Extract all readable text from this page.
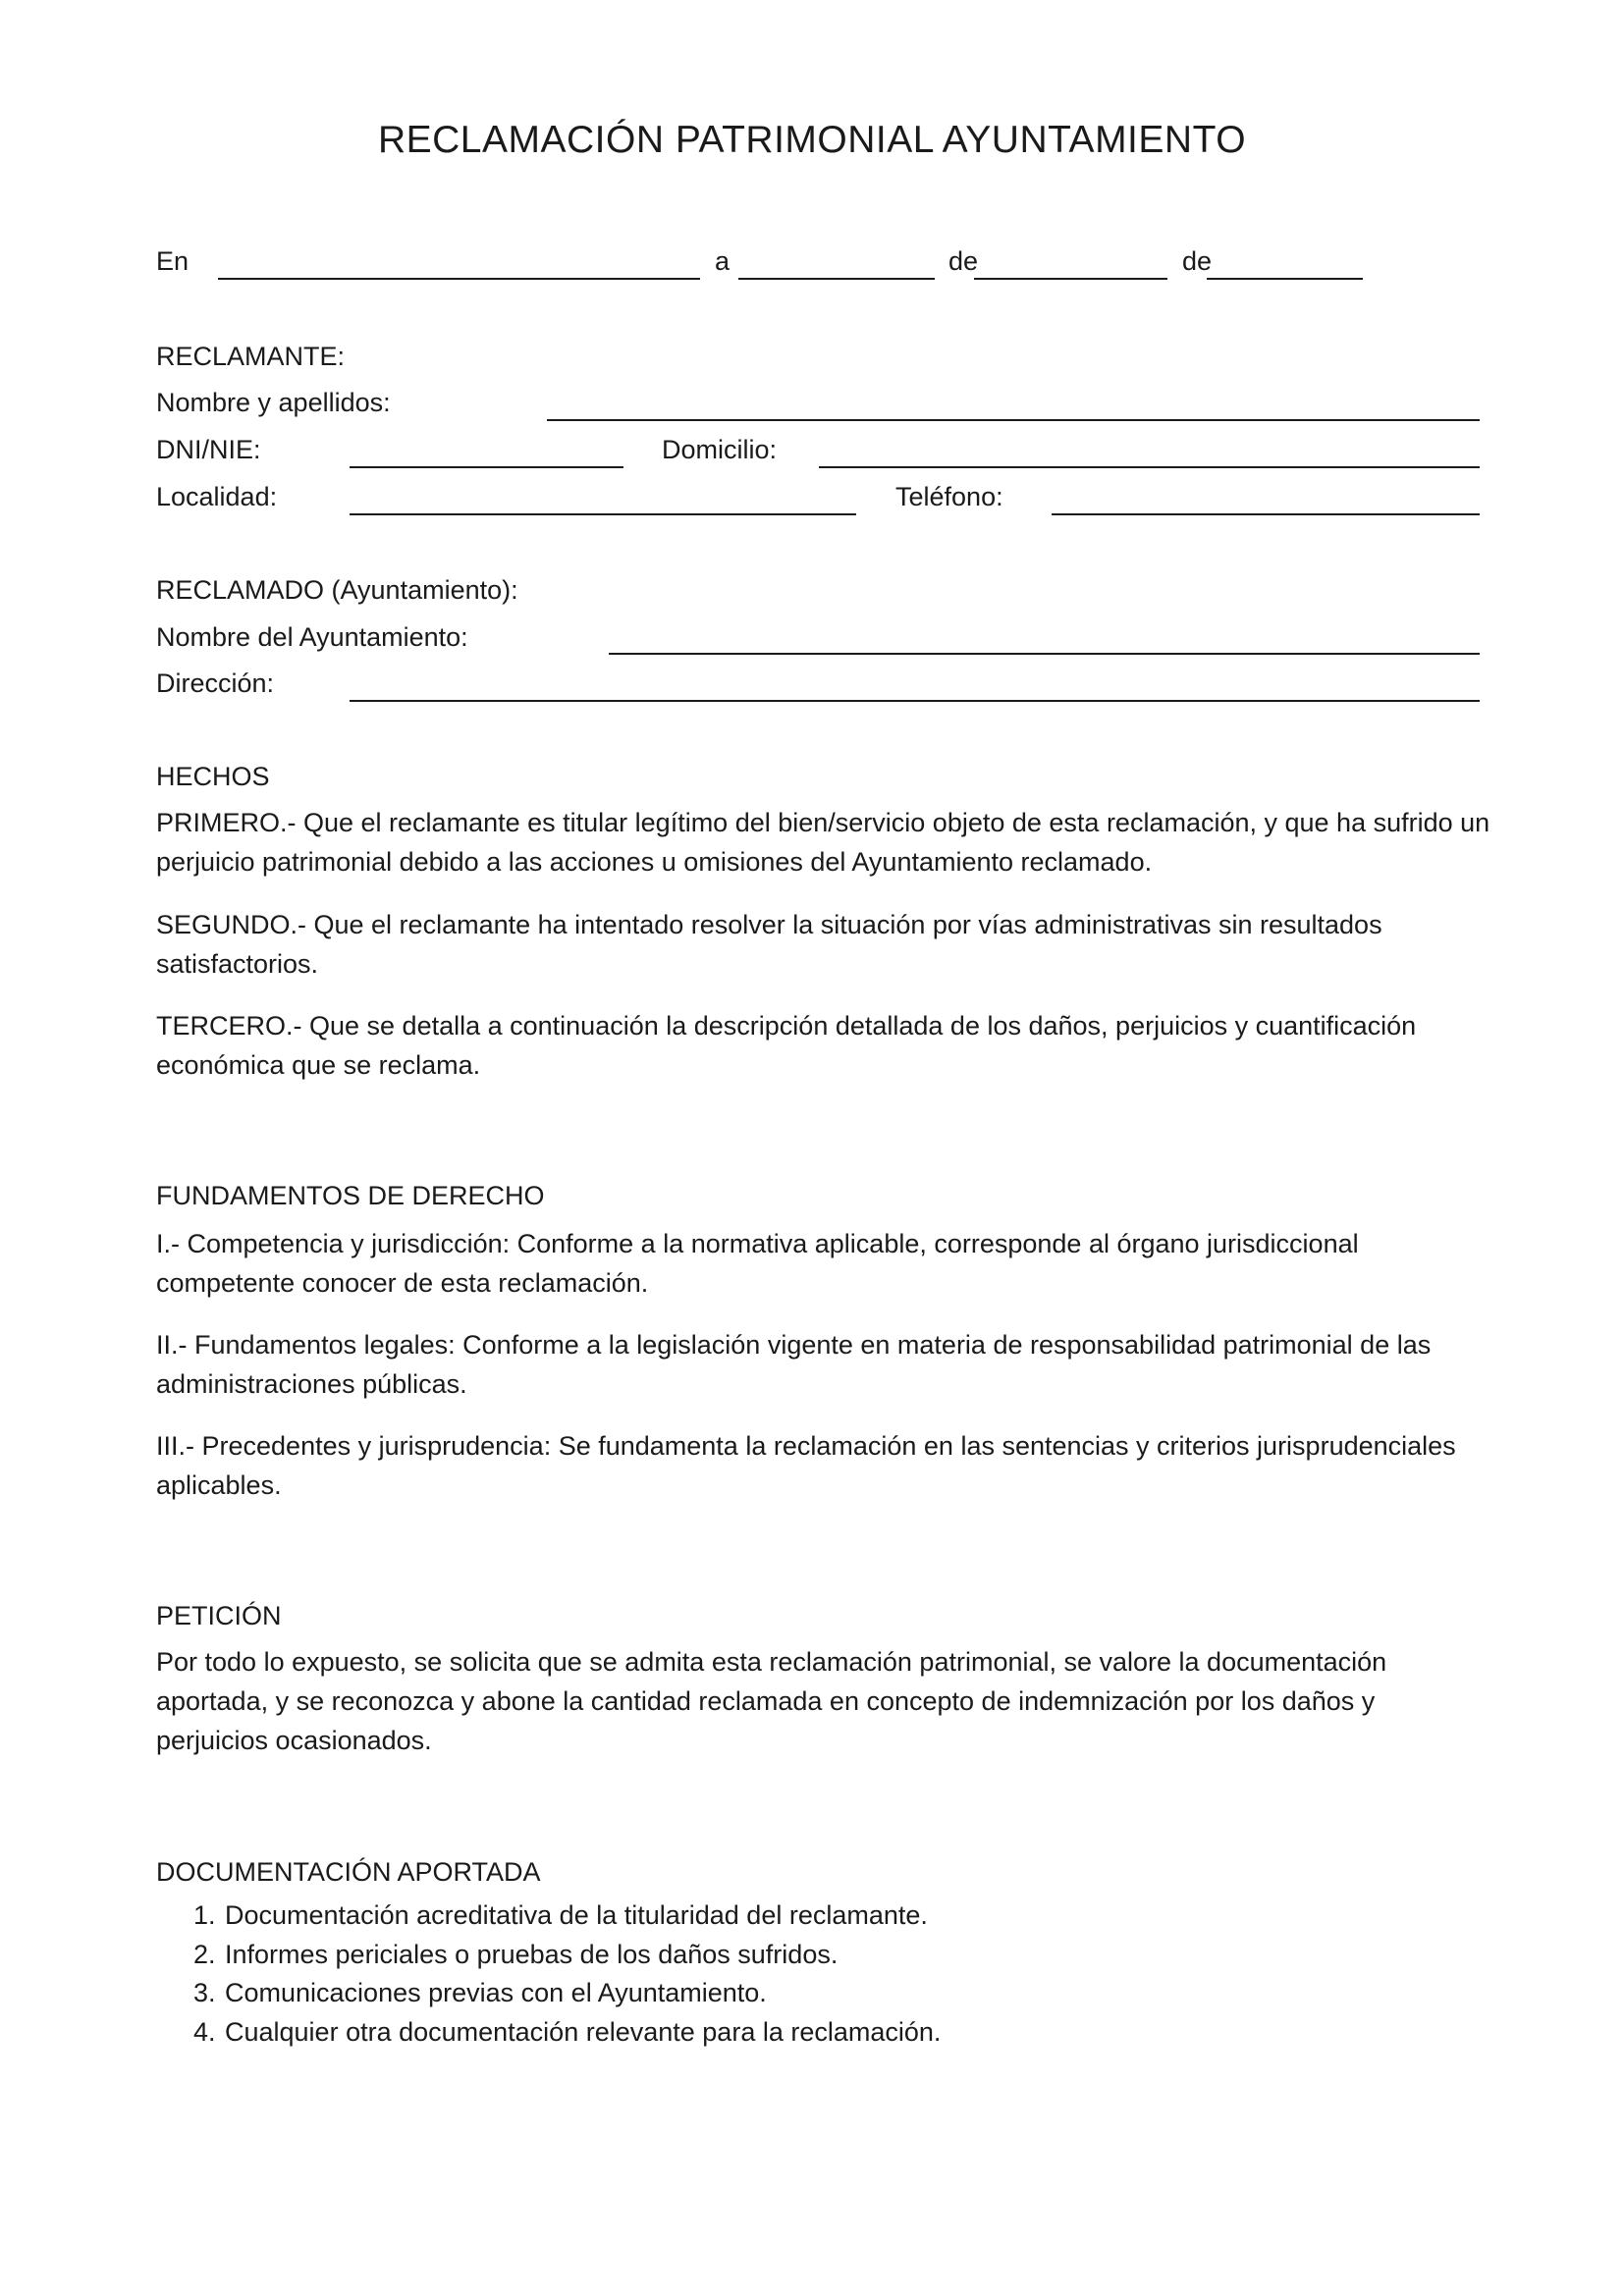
RECLAMACIÓN PATRIMONIAL AYUNTAMIENTO
En	a	de	de
RECLAMANTE:
Nombre y apellidos:
DNI/NIE:	Domicilio:
Localidad:	Teléfono:
RECLAMADO (Ayuntamiento):
Nombre del Ayuntamiento:
Dirección:
HECHOS
PRIMERO.- Que el reclamante es titular legítimo del bien/servicio objeto de esta reclamación, y que ha sufrido un perjuicio patrimonial debido a las acciones u omisiones del Ayuntamiento reclamado.
SEGUNDO.- Que el reclamante ha intentado resolver la situación por vías administrativas sin resultados satisfactorios.
TERCERO.- Que se detalla a continuación la descripción detallada de los daños, perjuicios y cuantificación económica que se reclama.
FUNDAMENTOS DE DERECHO
I.- Competencia y jurisdicción: Conforme a la normativa aplicable, corresponde al órgano jurisdiccional competente conocer de esta reclamación.
II.- Fundamentos legales: Conforme a la legislación vigente en materia de responsabilidad patrimonial de las administraciones públicas.
III.- Precedentes y jurisprudencia: Se fundamenta la reclamación en las sentencias y criterios jurisprudenciales aplicables.
PETICIÓN
Por todo lo expuesto, se solicita que se admita esta reclamación patrimonial, se valore la documentación aportada, y se reconozca y abone la cantidad reclamada en concepto de indemnización por los daños y perjuicios ocasionados.
DOCUMENTACIÓN APORTADA
1. Documentación acreditativa de la titularidad del reclamante.
2. Informes periciales o pruebas de los daños sufridos.
3. Comunicaciones previas con el Ayuntamiento.
4. Cualquier otra documentación relevante para la reclamación.
